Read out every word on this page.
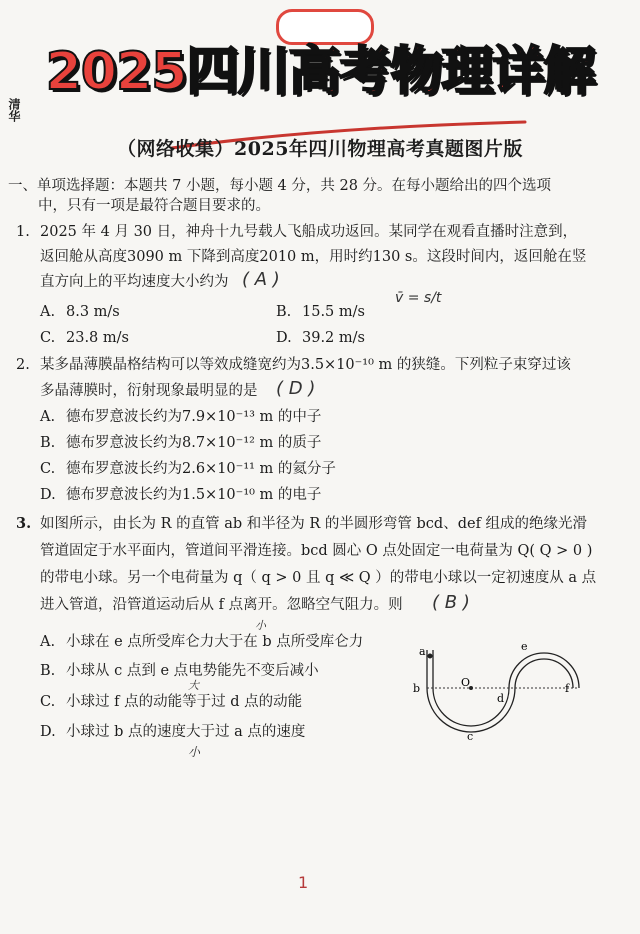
2025四川高考物理详解
清华
（网络收集）2025年四川物理高考真题图片版
一、单项选择题：本题共 7 小题，每小题 4 分，共 28 分。在每小题给出的四个选项
中，只有一项是最符合题目要求的。
1. 2025 年 4 月 30 日，神舟十九号载人飞船成功返回。某同学在观看直播时注意到，
返回舱从高度3090 m 下降到高度2010 m，用时约130 s。这段时间内，返回舱在竖
直方向上的平均速度大小约为 ( A )
v̄ = s/t
A. 8.3 m/s	B. 15.5 m/s
C. 23.8 m/s	D. 39.2 m/s
2. 某多晶薄膜晶格结构可以等效成缝宽约为3.5×10⁻¹⁰ m 的狭缝。下列粒子束穿过该
多晶薄膜时，衍射现象最明显的是 ( D )
A. 德布罗意波长约为7.9×10⁻¹³ m 的中子
B. 德布罗意波长约为8.7×10⁻¹² m 的质子
C. 德布罗意波长约为2.6×10⁻¹¹ m 的氦分子
D. 德布罗意波长约为1.5×10⁻¹⁰ m 的电子
3. 如图所示，由长为 R 的直管 ab 和半径为 R 的半圆形弯管 bcd、def 组成的绝缘光滑
管道固定于水平面内，管道间平滑连接。bcd 圆心 O 点处固定一电荷量为 Q( Q > 0 )
的带电小球。另一个电荷量为 q（ q > 0 且 q ≪ Q ）的带电小球以一定初速度从 a 点
进入管道，沿管道运动后从 f 点离开。忽略空气阻力。则 ( B )
小
A. 小球在 e 点所受库仑力大于在 b 点所受库仑力
B. 小球从 c 点到 e 点电势能先不变后减小
大
C. 小球过 f 点的动能等于过 d 点的动能
D. 小球过 b 点的速度大于过 a 点的速度
小
a
b	O
c
d
e
f
1
